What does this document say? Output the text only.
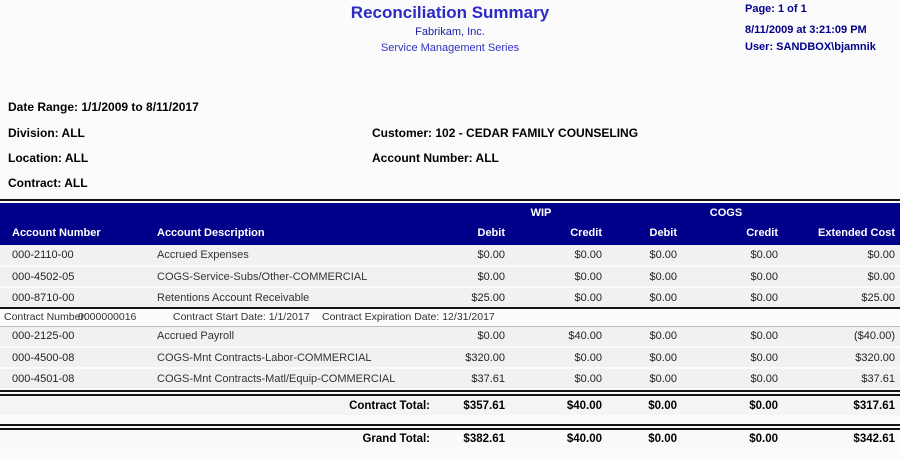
Reconciliation Summary
Fabrikam, Inc.
Service Management Series
Page: 1 of 1
8/11/2009 at 3:21:09 PM
User: SANDBOX\bjamnik
Date Range: 1/1/2009 to 8/11/2017
Division: ALL
Location: ALL
Contract: ALL
Customer: 102 - CEDAR FAMILY COUNSELING
Account Number: ALL
		WIP		COGS		
Account Number	Account Description	Debit	Credit	Debit	Credit	Extended Cost
000-2110-00	Accrued Expenses	$0.00	$0.00	$0.00	$0.00	$0.00
000-4502-05	COGS-Service-Subs/Other-COMMERCIAL	$0.00	$0.00	$0.00	$0.00	$0.00
000-8710-00	Retentions Account Receivable	$25.00	$0.00	$0.00	$0.00	$25.00

Contract Number:
0000000016 Contract Start Date: 1/1/2017 Contract Expiration Date: 12/31/2017						

000-2125-00	Accrued Payroll	$0.00	$40.00	$0.00	$0.00	($40.00)
000-4500-08	COGS-Mnt Contracts-Labor-COMMERCIAL	$320.00	$0.00	$0.00	$0.00	$320.00
000-4501-08	COGS-Mnt Contracts-Matl/Equip-COMMERCIAL	$37.61	$0.00	$0.00	$0.00	$37.61
Contract Total:	$357.61	$40.00	$0.00	$0.00	$317.61
Grand Total:	$382.61	$40.00	$0.00	$0.00	$342.61
